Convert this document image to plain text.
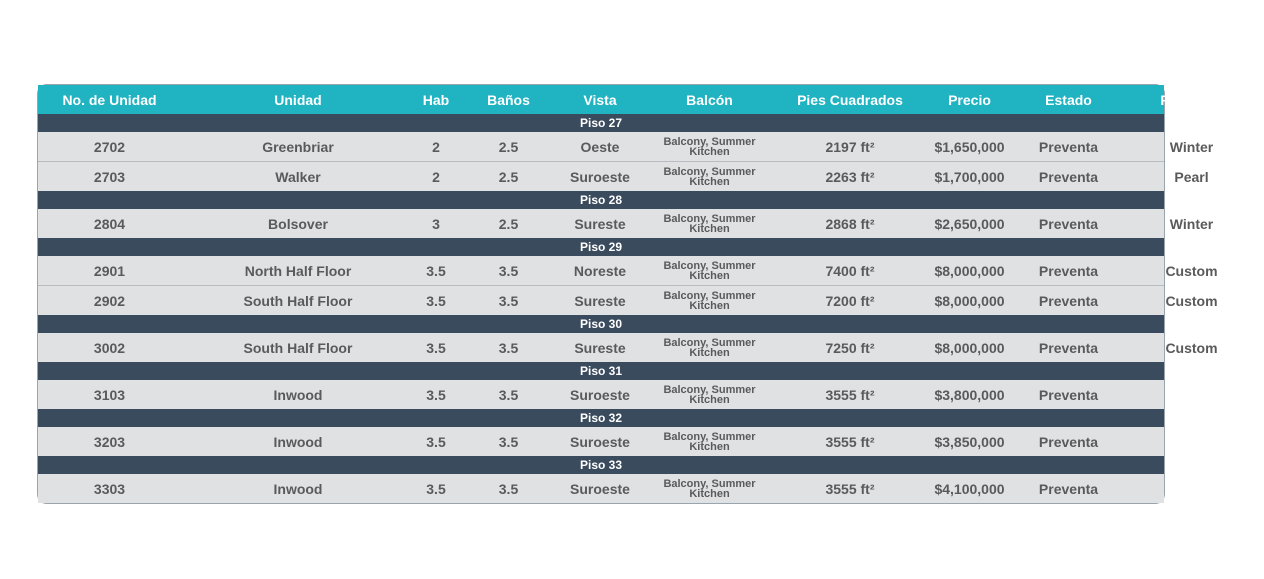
No. de Unidad	Unidad	Hab	Baños	Vista	Balcón	Pies Cuadrados	Precio	Estado	Finish Pk
Piso 27
2702	Greenbriar	2	2.5	Oeste	Balcony, Summer Kitchen	2197 ft²	$1,650,000	Preventa	Winter
2703	Walker	2	2.5	Suroeste	Balcony, Summer Kitchen	2263 ft²	$1,700,000	Preventa	Pearl
Piso 28
2804	Bolsover	3	2.5	Sureste	Balcony, Summer Kitchen	2868 ft²	$2,650,000	Preventa	Winter
Piso 29
2901	North Half Floor	3.5	3.5	Noreste	Balcony, Summer Kitchen	7400 ft²	$8,000,000	Preventa	Custom
2902	South Half Floor	3.5	3.5	Sureste	Balcony, Summer Kitchen	7200 ft²	$8,000,000	Preventa	Custom
Piso 30
3002	South Half Floor	3.5	3.5	Sureste	Balcony, Summer Kitchen	7250 ft²	$8,000,000	Preventa	Custom
Piso 31
3103	Inwood	3.5	3.5	Suroeste	Balcony, Summer Kitchen	3555 ft²	$3,800,000	Preventa
Piso 32
3203	Inwood	3.5	3.5	Suroeste	Balcony, Summer Kitchen	3555 ft²	$3,850,000	Preventa
Piso 33
3303	Inwood	3.5	3.5	Suroeste	Balcony, Summer Kitchen	3555 ft²	$4,100,000	Preventa
